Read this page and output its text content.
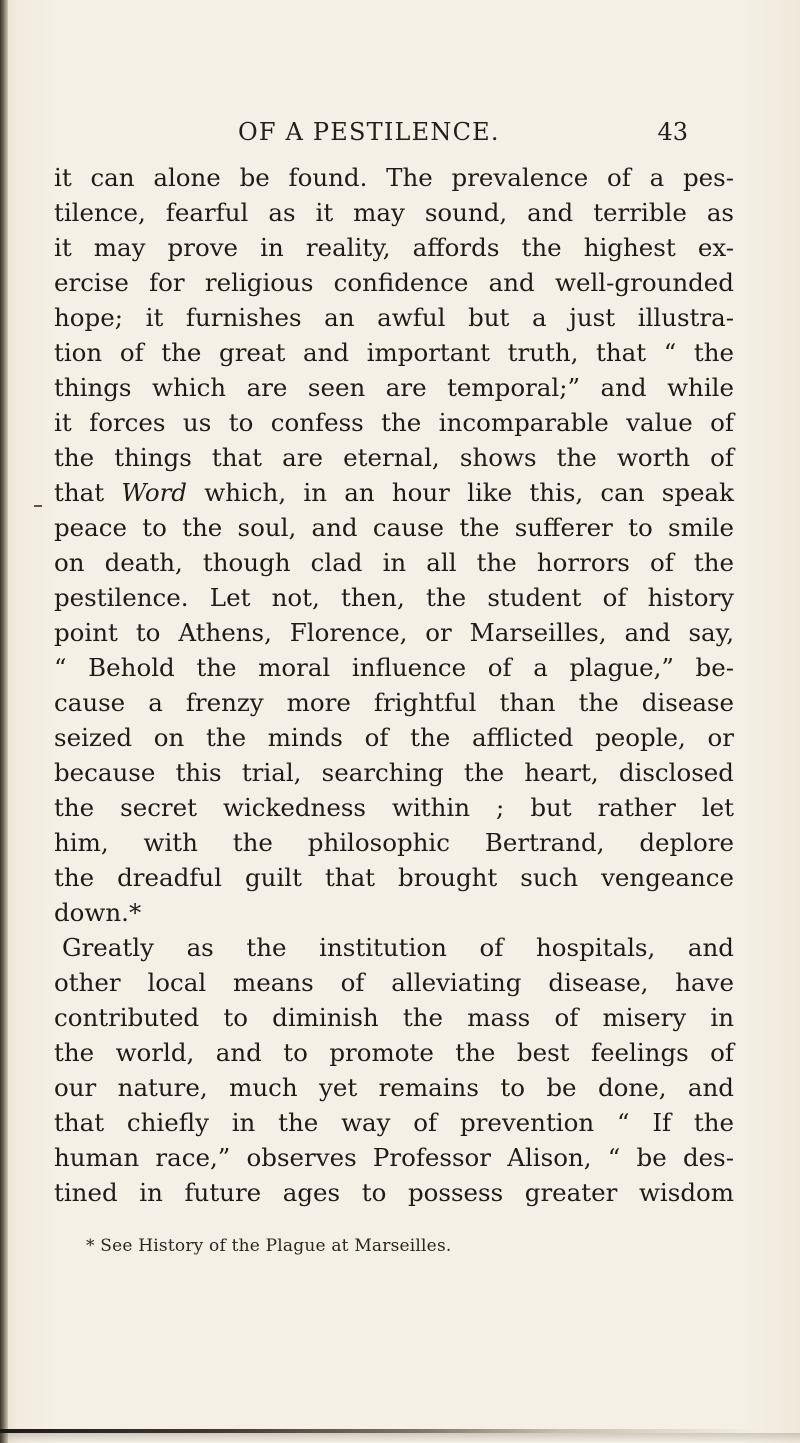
OF A PESTILENCE.	43
it can alone be found. The prevalence of a pes-
tilence, fearful as it may sound, and terrible as
it may prove in reality, affords the highest ex-
ercise for religious confidence and well-grounded
hope; it furnishes an awful but a just illustra-
tion of the great and important truth, that “ the
things which are seen are temporal;” and while
it forces us to confess the incomparable value of
the things that are eternal, shows the worth of
that Word which, in an hour like this, can speak
peace to the soul, and cause the sufferer to smile
on death, though clad in all the horrors of the
pestilence. Let not, then, the student of history
point to Athens, Florence, or Marseilles, and say,
“ Behold the moral influence of a plague,” be-
cause a frenzy more frightful than the disease
seized on the minds of the afflicted people, or
because this trial, searching the heart, disclosed
the secret wickedness within ; but rather let
him, with the philosophic Bertrand, deplore
the dreadful guilt that brought such vengeance
down.*
Greatly as the institution of hospitals, and
other local means of alleviating disease, have
contributed to diminish the mass of misery in
the world, and to promote the best feelings of
our nature, much yet remains to be done, and
that chiefly in the way of prevention “ If the
human race,” observes Professor Alison, “ be des-
tined in future ages to possess greater wisdom
* See History of the Plague at Marseilles.
